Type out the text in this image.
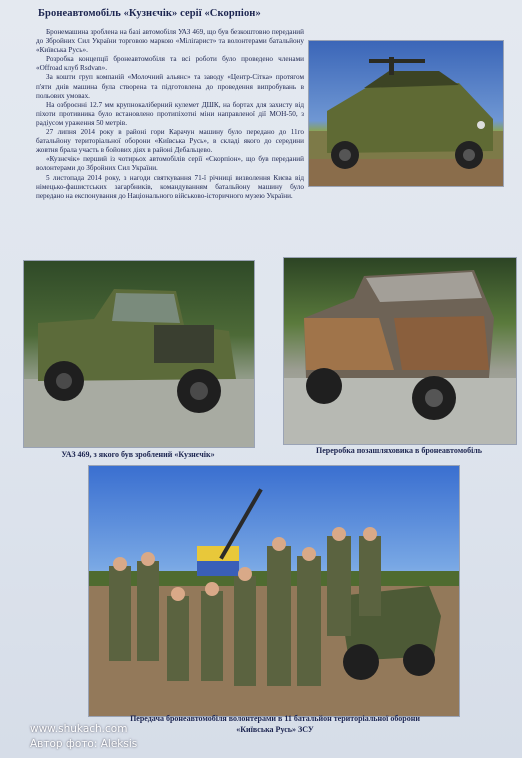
Бронеавтомобіль «Кузнєчік» серії «Скорпіон»

Бронемашина зроблена на базі автомобіля УАЗ 469, що був безкоштовно переданий до Збройних Сил України торговою маркою «Міліґарист» та волонтерами батальйону «Київська Русь».

Розробка концепції бронеавтомобіля та всі роботи було проведено членами «Offroad клуб Rsdvan».

За кошти груп компаній «Молочний альянс» та заводу «Центр-Сітка» протягом п'яти днів машина була створена та підготовлена до проведення випробувань в польових умовах.

На озброєнні 12.7 мм крупнокаліберний кулемет ДШК, на бортах для захисту від піхоти противника було встановлено протипіхотні міни направленої дії МОН-50, з радіусом ураження 50 метрів.

27 липня 2014 року в районі гори Карачун машину було передано до 11го батальйону територіальної оборони «Київська Русь», в складі якого до середини жовтня брала участь в бойових діях в районі Дебальцево.

«Кузнєчік» перший із чотирьох автомобілів серії «Скорпіон», що був переданий волонтерами до Збройних Сил України.

5 листопада 2014 року, з нагоди святкування 71-ї річниці визволення Києва від німецько-фашистських загарбників, командуванням батальйону машину було передано на експонування до Національного військово-історичного музею України.

УАЗ 469, з якого був зроблений «Кузнєчік»	Переробка позашляховика в бронеавтомобіль
Передача бронеавтомобіля волонтерами в 11 батальйон територіальної оборони
«Київська Русь» ЗСУ
www.shukach.com
Автор фото: Aleksis
